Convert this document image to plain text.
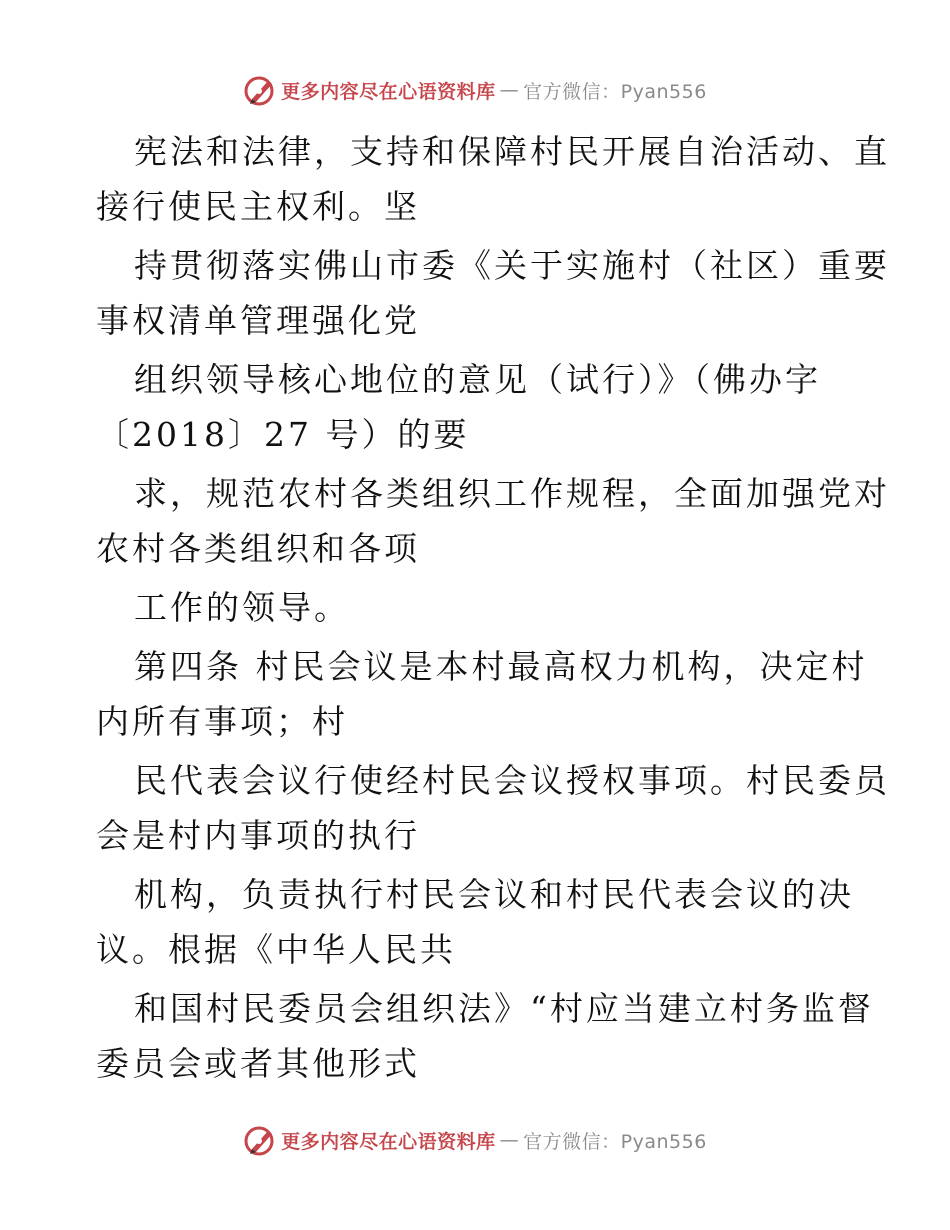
更多内容尽在心语资料库 — 官方微信：Pyan556
宪法和法律，支持和保障村民开展自治活动、直
接行使民主权利。坚
持贯彻落实佛山市委《关于实施村（社区）重要
事权清单管理强化党
组织领导核心地位的意见（试行）》（佛办字
〔2018〕27 号）的要
求，规范农村各类组织工作规程，全面加强党对
农村各类组织和各项
工作的领导。
第四条 村民会议是本村最高权力机构，决定村
内所有事项；村
民代表会议行使经村民会议授权事项。村民委员
会是村内事项的执行
机构，负责执行村民会议和村民代表会议的决
议。根据《中华人民共
和国村民委员会组织法》“村应当建立村务监督
委员会或者其他形式
更多内容尽在心语资料库 — 官方微信：Pyan556
